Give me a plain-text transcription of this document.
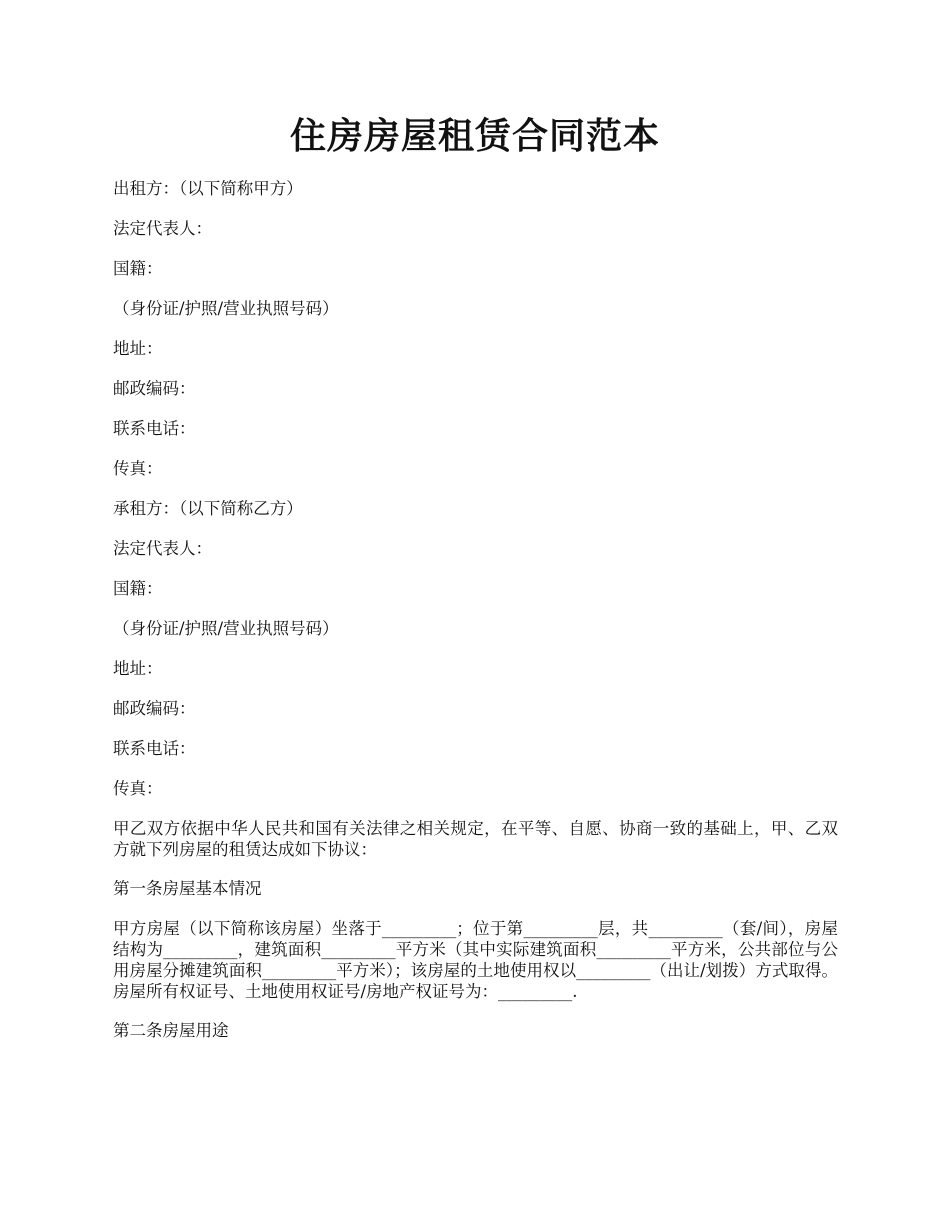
住房房屋租赁合同范本
出租方：（以下简称甲方）
法定代表人：
国籍：
（身份证/护照/营业执照号码）
地址：
邮政编码：
联系电话：
传真：
承租方：（以下简称乙方）
法定代表人：
国籍：
（身份证/护照/营业执照号码）
地址：
邮政编码：
联系电话：
传真：

甲乙双方依据中华人民共和国有关法律之相关规定，在平等、自愿、协商一致的基础上，甲、乙双方就下列房屋的租赁达成如下协议：

第一条房屋基本情况

甲方房屋（以下简称该房屋）坐落于_________；位于第_________层，共_________（套/间），房屋结构为_________，建筑面积_________平方米（其中实际建筑面积_________平方米，公共部位与公用房屋分摊建筑面积_________平方米）；该房屋的土地使用权以_________（出让/划拨）方式取得。房屋所有权证号、土地使用权证号/房地产权证号为：_________.

第二条房屋用途
